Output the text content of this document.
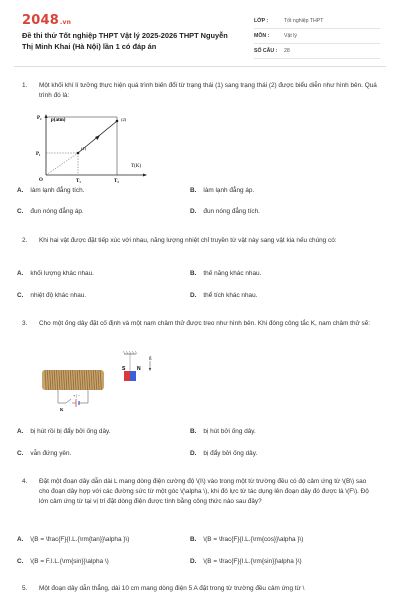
2048.vn
Đề thi thử Tốt nghiệp THPT Vật lý 2025-2026 THPT Nguyễn Thị Minh Khai (Hà Nội) lần 1 có đáp án
LỚP :	Tốt nghiệp THPT
MÔN :	Vật lý
SỐ CÂU :	28
1. Một khối khí lí tưởng thực hiện quá trình biến đổi từ trạng thái (1) sang trạng thái (2) được biểu diễn như hình bên. Quá trình đó là:
p(atm)
T(K)
P₂
P₁
T₁	T₂
O
(1)
(2)
A. làm lạnh đẳng tích.	B. làm lạnh đẳng áp.
C. đun nóng đẳng áp.	D. đun nóng đẳng tích.
2. Khi hai vật được đặt tiếp xúc với nhau, năng lượng nhiệt chỉ truyền từ vật này sang vật kia nếu chúng có:
A. khối lượng khác nhau.	B. thế năng khác nhau.
C. nhiệt độ khác nhau.	D. thể tích khác nhau.
3. Cho một ống dây đặt cố định và một nam châm thử được treo như hình bên. Khi đóng công tắc K, nam châm thử sẽ:
g
S N
K
+ | −
A. bị hút rồi bị đẩy bởi ống dây.	B. bị hút bởi ống dây.
C. vẫn đứng yên.	D. bị đẩy bởi ống dây.
4. Đặt một đoạn dây dẫn dài L mang dòng điện cường độ \(I\) vào trong một từ trường đều có độ cảm ứng từ \(B\) sao cho đoạn dây hợp với các đường sức từ một góc \(\alpha \), khi đó lực từ tác dụng lên đoạn dây đó được là \(F\). Độ lớn cảm ứng từ tại vị trí đặt dòng điện được tính bằng công thức nào sau đây?
A. \(B = \frac{F}{I.L.{\rm{tan}}\alpha }\)	B. \(B = \frac{F}{I.L.{\rm{cos}}\alpha }\)
C. \(B = F.I.L.{\rm{sin}}\alpha \)	D. \(B = \frac{F}{I.L.{\rm{sin}}\alpha }\)
5. Một đoạn dây dẫn thẳng, dài 10 cm mang dòng điện 5 A đặt trong từ trường đều cảm ứng từ \
